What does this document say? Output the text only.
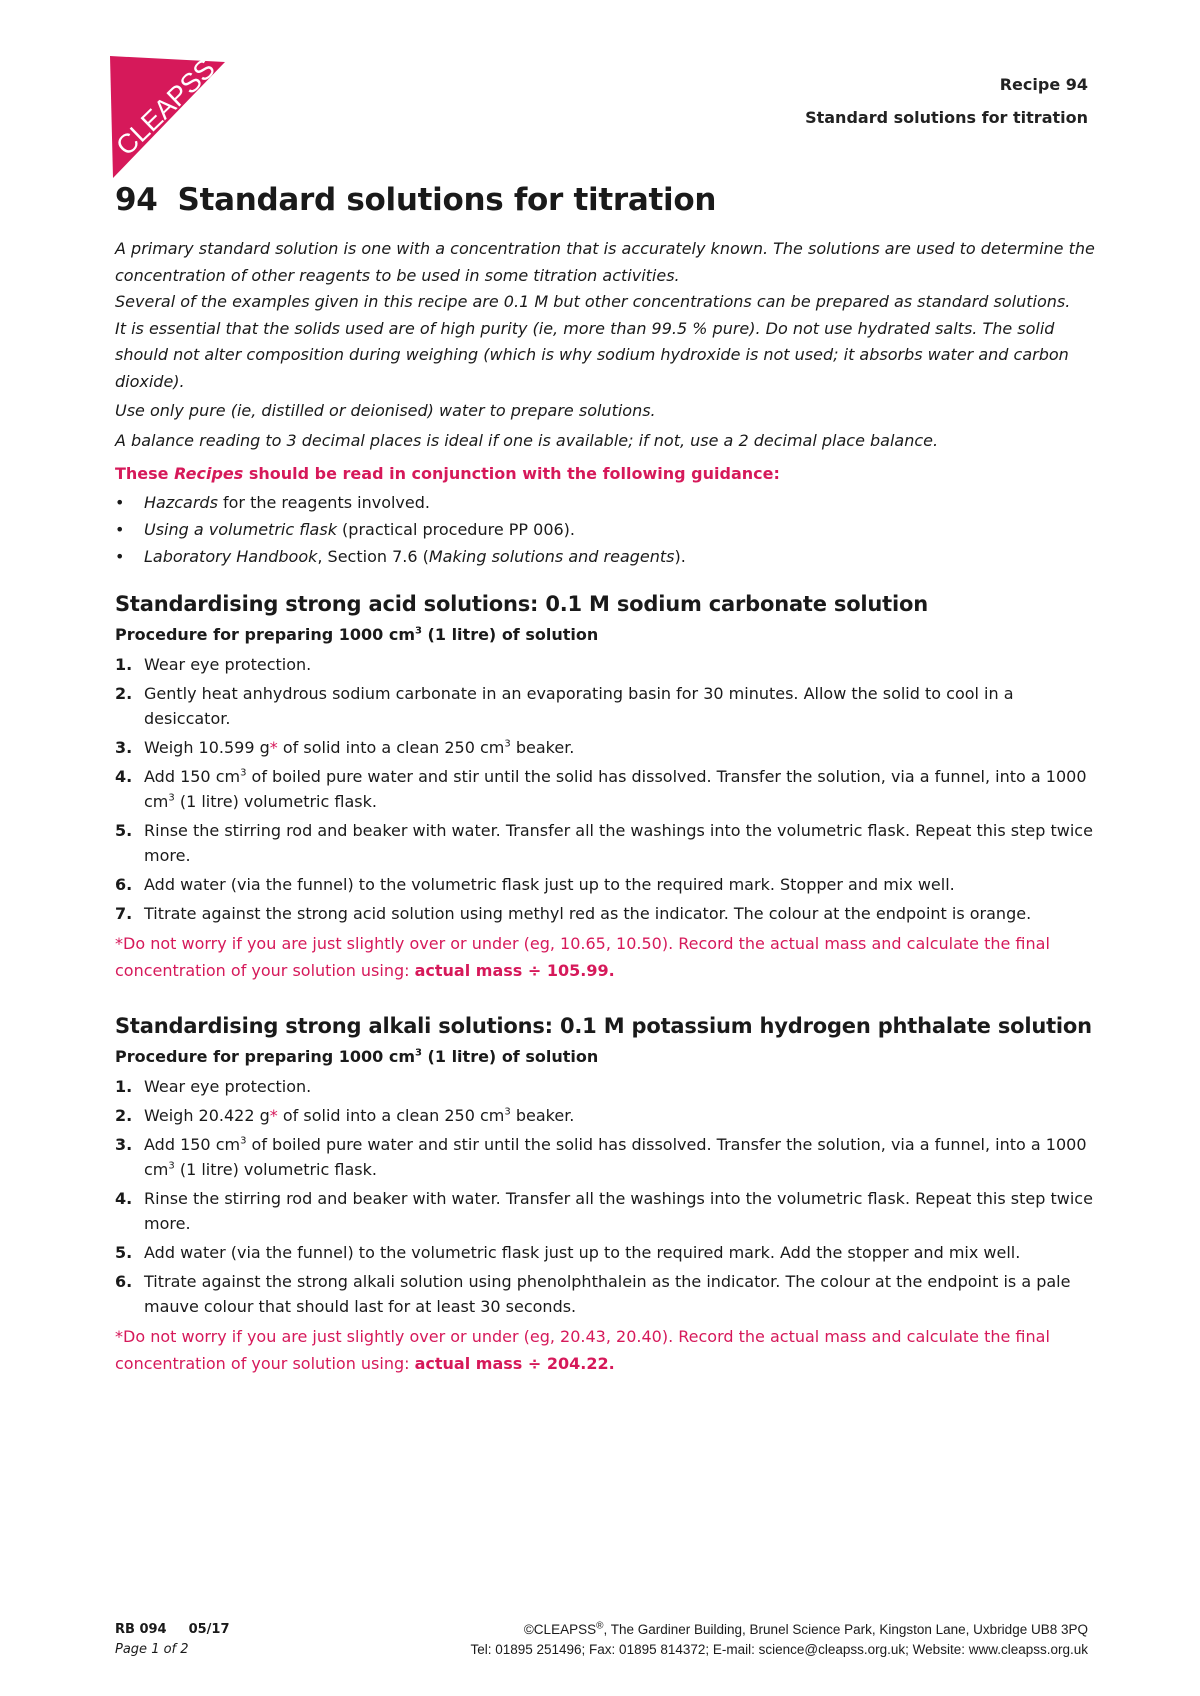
CLEAPSS	Recipe 94
Standard solutions for titration
94 Standard solutions for titration

A primary standard solution is one with a concentration that is accurately known. The solutions are used to determine the concentration of other reagents to be used in some titration activities.

Several of the examples given in this recipe are 0.1 M but other concentrations can be prepared as standard solutions.

It is essential that the solids used are of high purity (ie, more than 99.5 % pure). Do not use hydrated salts. The solid should not alter composition during weighing (which is why sodium hydroxide is not used; it absorbs water and carbon dioxide).

Use only pure (ie, distilled or deionised) water to prepare solutions.

A balance reading to 3 decimal places is ideal if one is available; if not, use a 2 decimal place balance.

These Recipes should be read in conjunction with the following guidance:
• Hazcards for the reagents involved.
• Using a volumetric flask (practical procedure PP 006).
• Laboratory Handbook, Section 7.6 (Making solutions and reagents).
Standardising strong acid solutions: 0.1 M sodium carbonate solution
Procedure for preparing 1000 $cm^3$ (1 litre) of solution
1. Wear eye protection.
2. Gently heat anhydrous sodium carbonate in an evaporating basin for 30 minutes. Allow the solid to cool in a desiccator.
3. Weigh 10.599 g* of solid into a clean 250 $cm^3$ beaker.
4. Add 150 $cm^3$ of boiled pure water and stir until the solid has dissolved. Transfer the solution, via a funnel, into a 1000 $cm^3$ (1 litre) volumetric flask.
5. Rinse the stirring rod and beaker with water. Transfer all the washings into the volumetric flask. Repeat this step twice more.
6. Add water (via the funnel) to the volumetric flask just up to the required mark. Stopper and mix well.
7. Titrate against the strong acid solution using methyl red as the indicator. The colour at the endpoint is orange.

*Do not worry if you are just slightly over or under (eg, 10.65, 10.50). Record the actual mass and calculate the final concentration of your solution using: actual mass ÷ 105.99.

Standardising strong alkali solutions: 0.1 M potassium hydrogen phthalate solution
Procedure for preparing 1000 $cm^3$ (1 litre) of solution
1. Wear eye protection.
2. Weigh 20.422 g* of solid into a clean 250 $cm^3$ beaker.
3. Add 150 $cm^3$ of boiled pure water and stir until the solid has dissolved. Transfer the solution, via a funnel, into a 1000 $cm^3$ (1 litre) volumetric flask.
4. Rinse the stirring rod and beaker with water. Transfer all the washings into the volumetric flask. Repeat this step twice more.
5. Add water (via the funnel) to the volumetric flask just up to the required mark. Add the stopper and mix well.
6. Titrate against the strong alkali solution using phenolphthalein as the indicator. The colour at the endpoint is a pale mauve colour that should last for at least 30 seconds.

*Do not worry if you are just slightly over or under (eg, 20.43, 20.40). Record the actual mass and calculate the final concentration of your solution using: actual mass ÷ 204.22.

RB 094 05/17
Page 1 of 2
©CLEAPSS®, The Gardiner Building, Brunel Science Park, Kingston Lane, Uxbridge UB8 3PQ
Tel: 01895 251496; Fax: 01895 814372; E-mail: science@cleapss.org.uk; Website: www.cleapss.org.uk
